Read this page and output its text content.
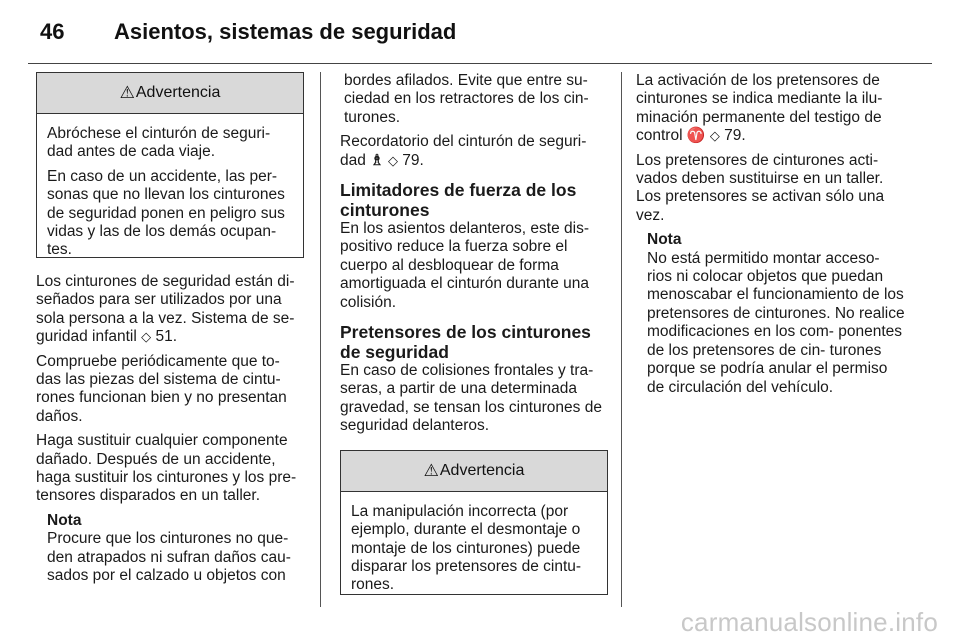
46	Asientos, sistemas de seguridad
⚠ Advertencia

Abróchese el cinturón de seguri- dad antes de cada viaje.

En caso de un accidente, las per- sonas que no llevan los cinturones de seguridad ponen en peligro sus vidas y las de los demás ocupan- tes.

Los cinturones de seguridad están di- señados para ser utilizados por una sola persona a la vez. Sistema de se- guridad infantil ◇ 51.

Compruebe periódicamente que to- das las piezas del sistema de cintu- rones funcionan bien y no presentan daños.

Haga sustituir cualquier componente dañado. Después de un accidente, haga sustituir los cinturones y los pre- tensores disparados en un taller.

Nota

Procure que los cinturones no que- den atrapados ni sufran daños cau- sados por el calzado u objetos con

bordes afilados. Evite que entre su- ciedad en los retractores de los cin- turones.

Recordatorio del cinturón de seguri- dad ♗ ◇ 79.

Limitadores de fuerza de los cinturones

En los asientos delanteros, este dis- positivo reduce la fuerza sobre el cuerpo al desbloquear de forma amortiguada el cinturón durante una colisión.

Pretensores de los cinturones de seguridad

En caso de colisiones frontales y tra- seras, a partir de una determinada gravedad, se tensan los cinturones de seguridad delanteros.

⚠ Advertencia

La manipulación incorrecta (por ejemplo, durante el desmontaje o montaje de los cinturones) puede disparar los pretensores de cintu- rones.

La activación de los pretensores de cinturones se indica mediante la ilu- minación permanente del testigo de control ♈ ◇ 79.

Los pretensores de cinturones acti- vados deben sustituirse en un taller. Los pretensores se activan sólo una vez.

Nota

No está permitido montar acceso- rios ni colocar objetos que puedan menoscabar el funcionamiento de los pretensores de cinturones. No realice modificaciones en los com- ponentes de los pretensores de cin- turones porque se podría anular el permiso de circulación del vehículo.

carmanualsonline.info
